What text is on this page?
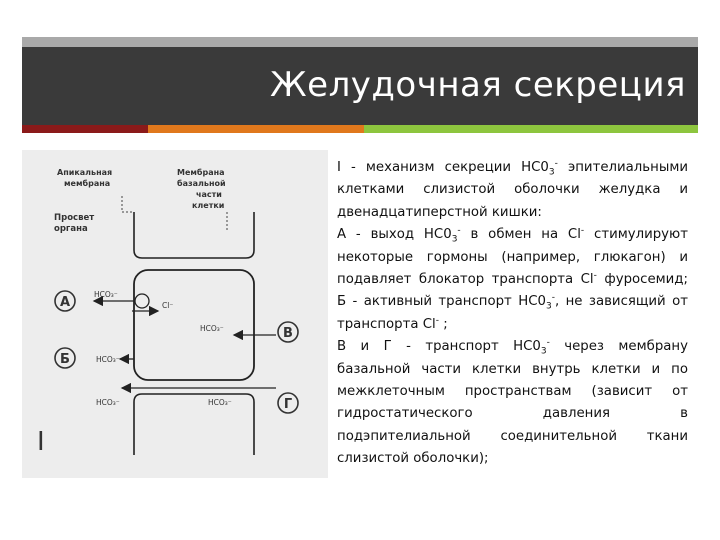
Желудочная секреция
Апикальная мембрана
Мембрана базальной части клетки
Просвет органа
А
HCO₃⁻
Cl⁻
В
HCO₃⁻
Б	HCO₃⁻
Г
HCO₃⁻	HCO₃⁻
I

I - механизм секреции $НС0_3^-$ эпителиальными клетками слизистой оболочки желудка и двенадцатиперстной кишки:

А - выход $НС0_3^-$ в обмен на Сl- стимулируют некоторые гормоны (например, глюкагон) и подавляет блокатор транспорта Сl- фуросемид;

Б - активный транспорт $НС0_3^-$, не зависящий от транспорта Сl- ;

В и Г - транспорт $НС0_3^-$ через мембрану базальной части клетки внутрь клетки и по межклеточным пространствам (зависит от гидростатического давления в подэпителиальной соединительной ткани слизистой оболочки);
